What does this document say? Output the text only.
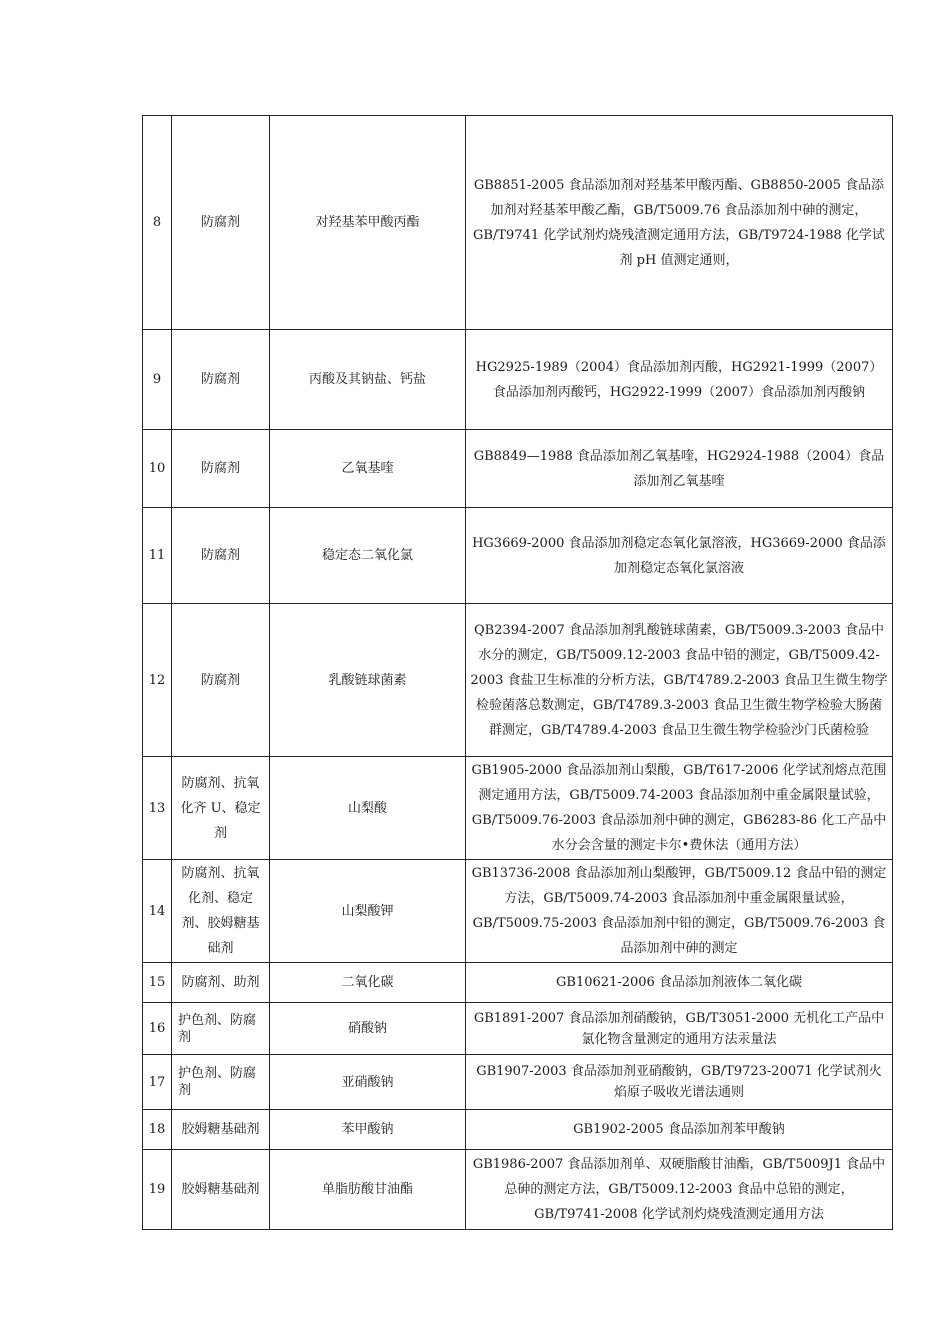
8	防腐剂	对羟基苯甲酸丙酯	GB8851-2005 食品添加剂对羟基苯甲酸丙酯、GB8850-2005 食品添加剂对羟基苯甲酸乙酯，GB/T5009.76 食品添加剂中砷的测定，GB/T9741 化学试剂灼烧残渣测定通用方法，GB/T9724-1988 化学试剂 pH 值测定通则，
9	防腐剂	丙酸及其钠盐、钙盐	HG2925-1989（2004）食品添加剂丙酸，HG2921-1999（2007）食品添加剂丙酸钙，HG2922-1999（2007）食品添加剂丙酸钠
10	防腐剂	乙氧基喹	GB8849—1988 食品添加剂乙氧基喹，HG2924-1988（2004）食品添加剂乙氧基喹
11	防腐剂	稳定态二氧化氯	HG3669-2000 食品添加剂稳定态氧化氯溶液，HG3669-2000 食品添加剂稳定态氧化氯溶液
12	防腐剂	乳酸链球菌素	QB2394-2007 食品添加剂乳酸链球菌素，GB/T5009.3-2003 食品中水分的测定，GB/T5009.12-2003 食品中铅的测定，GB/T5009.42-2003 食盐卫生标准的分析方法，GB/T4789.2-2003 食品卫生微生物学检验菌落总数测定，GB/T4789.3-2003 食品卫生微生物学检验大肠菌群测定，GB/T4789.4-2003 食品卫生微生物学检验沙门氏菌检验
13	防腐剂、抗氧化齐 U、稳定剂	山梨酸	GB1905-2000 食品添加剂山梨酸，GB/T617-2006 化学试剂熔点范围测定通用方法，GB/T5009.74-2003 食品添加剂中重金属限量试验，GB/T5009.76-2003 食品添加剂中砷的测定，GB6283-86 化工产品中水分会含量的测定卡尔•费休法（通用方法）
14	防腐剂、抗氧化剂、稳定剂、胶姆糖基础剂	山梨酸钾	GB13736-2008 食品添加剂山梨酸钾，GB/T5009.12 食品中铅的测定方法，GB/T5009.74-2003 食品添加剂中重金属限量试验，GB/T5009.75-2003 食品添加剂中铅的测定，GB/T5009.76-2003 食品添加剂中砷的测定
15	防腐剂、助剂	二氧化碳	GB10621-2006 食品添加剂液体二氧化碳
16	护色剂、防腐剂	硝酸钠	GB1891-2007 食品添加剂硝酸钠，GB/T3051-2000 无机化工产品中氯化物含量测定的通用方法汞量法
17	护色剂、防腐剂	亚硝酸钠	GB1907-2003 食品添加剂亚硝酸钠，GB/T9723-20071 化学试剂火焰原子吸收光谱法通则
18	胶姆糖基础剂	苯甲酸钠	GB1902-2005 食品添加剂苯甲酸钠
19	胶姆糖基础剂	单脂肪酸甘油酯	GB1986-2007 食品添加剂单、双硬脂酸甘油酯，GB/T5009J1 食品中总砷的测定方法，GB/T5009.12-2003 食品中总铅的测定，GB/T9741-2008 化学试剂灼烧残渣测定通用方法
